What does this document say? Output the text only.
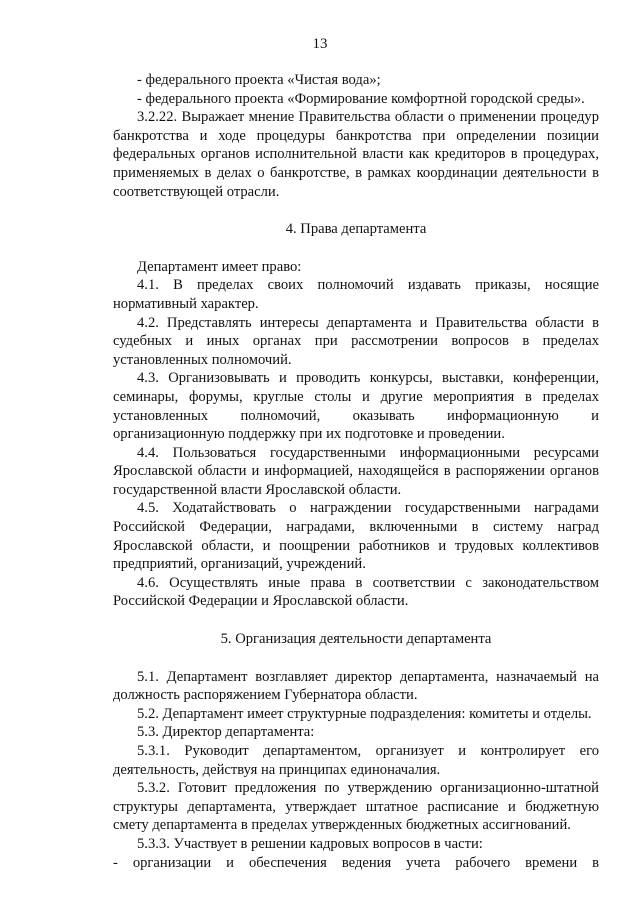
13

- федерального проекта «Чистая вода»;

- федерального проекта «Формирование комфортной городской среды».

3.2.22. Выражает мнение Правительства области о применении процедур банкротства и ходе процедуры банкротства при определении позиции федеральных органов исполнительной власти как кредиторов в процедурах, применяемых в делах о банкротстве, в рамках координации деятельности в соответствующей отрасли.

4. Права департамента

Департамент имеет право:

4.1. В пределах своих полномочий издавать приказы, носящие нормативный характер.

4.2. Представлять интересы департамента и Правительства области в судебных и иных органах при рассмотрении вопросов в пределах установленных полномочий.

4.3. Организовывать и проводить конкурсы, выставки, конференции, семинары, форумы, круглые столы и другие мероприятия в пределах установленных полномочий, оказывать информационную и организационную поддержку при их подготовке и проведении.

4.4. Пользоваться государственными информационными ресурсами Ярославской области и информацией, находящейся в распоряжении органов государственной власти Ярославской области.

4.5. Ходатайствовать о награждении государственными наградами Российской Федерации, наградами, включенными в систему наград Ярославской области, и поощрении работников и трудовых коллективов предприятий, организаций, учреждений.

4.6. Осуществлять иные права в соответствии с законодательством Российской Федерации и Ярославской области.

5. Организация деятельности департамента

5.1. Департамент возглавляет директор департамента, назначаемый на должность распоряжением Губернатора области.

5.2. Департамент имеет структурные подразделения: комитеты и отделы.

5.3. Директор департамента:

5.3.1. Руководит департаментом, организует и контролирует его деятельность, действуя на принципах единоначалия.

5.3.2. Готовит предложения по утверждению организационно-штатной структуры департамента, утверждает штатное расписание и бюджетную смету департамента в пределах утвержденных бюджетных ассигнований.

5.3.3. Участвует в решении кадровых вопросов в части:

- организации и обеспечения ведения учета рабочего времени в
